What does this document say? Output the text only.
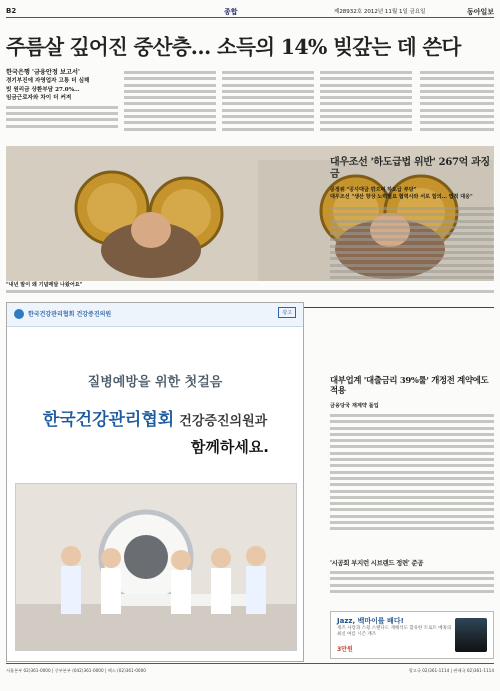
B2	종합	제28932호 2012년 11월 1일 금요일	동아일보
주름살 깊어진 중산층… 소득의 14% 빚갚는 데 쓴다
한국은행 '금융안정 보고서'
경기부진에 자영업자 고통 더 심해
빚 원리금 상환부담 27.0%…
임금근로자와 차이 더 커져
"내년 말이 왜 기념메달 나왔어요"
대우조선 '하도급법 위반' 267억 과징금
공정위 "공사대금 깎으며 하도급 부당"
대우조선 "생산 향상 노력필요 협력사와 서로 합의… 법적 대응"
한국건강관리협회 건강증진의원	광고
질병예방을 위한 첫걸음
한국건강관리협회 건강증진의원과
함께하세요.
대부업계 '대출금리 39%룰' 개정전 계약에도 적용
금융당국 재계약 돌입
'시공회 부지런 시브랜드 정련' 준공
Jazz, 백마이를 배다!
재즈 사랑과 스윙 스탠다드 재해석도 함유한 트로트 매혹의 최신 여름 시즌 재즈
3만원
서울본부 02)361-0000 | 중부본부 (042)361-0000 | 팩스 (02)361-0000	광고국 02)361-1114 | 판매국 02)361-1114
